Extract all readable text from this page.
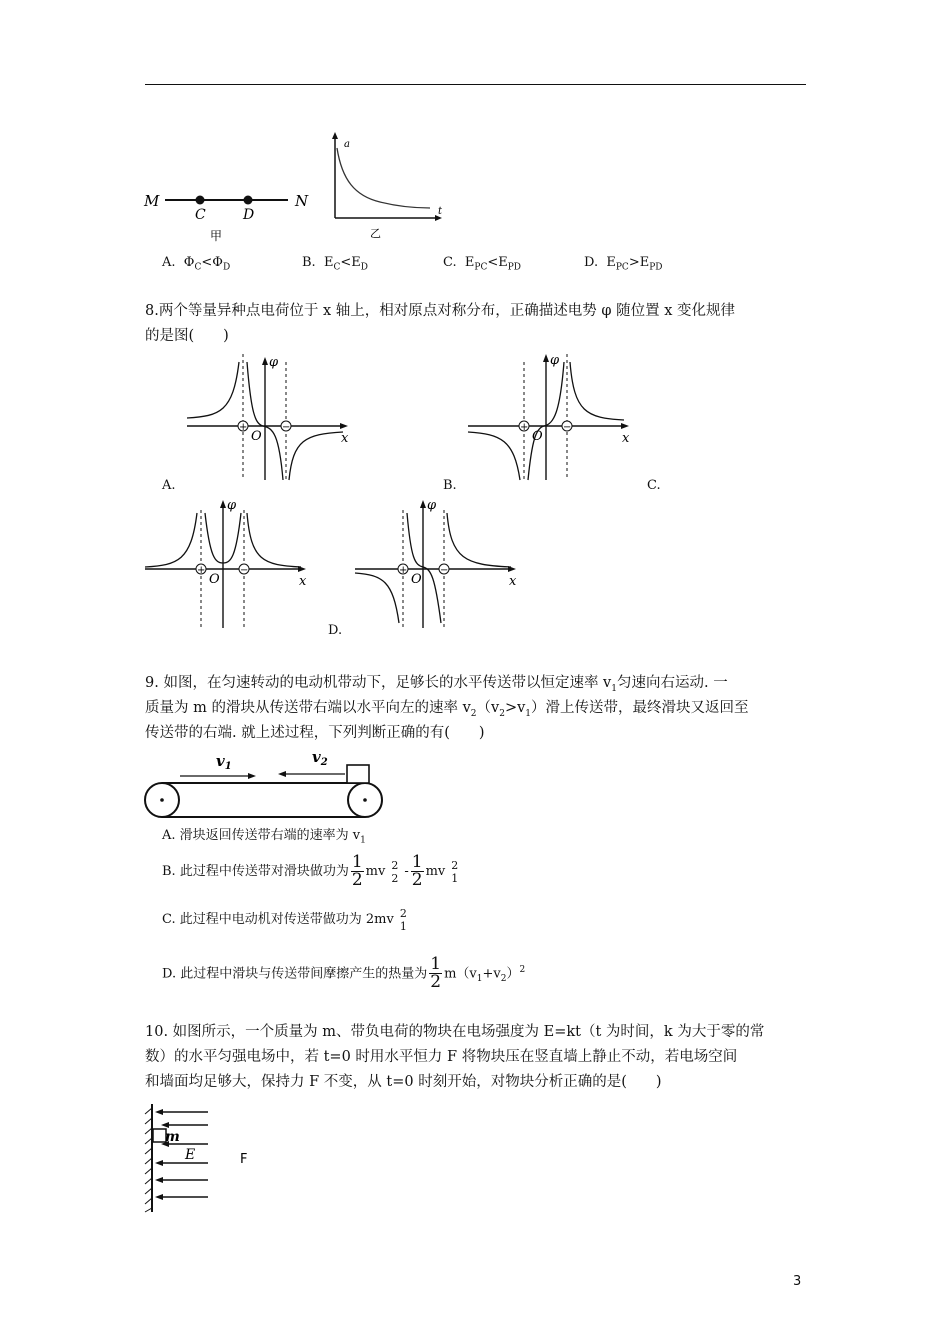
M	N
C	D
甲
a
t
乙
A. $\Phi_C<\Phi_D$	B. $E_C<E_D$	C. $E_{PC}<E_{PD}$	D. $E_{PC}>E_{PD}$
8.两个等量异种点电荷位于 x 轴上，相对原点对称分布，正确描述电势 φ 随位置 x 变化规律
的是图(　　)
+	−
O
φ
x
+	−
O
φ
x
A.	B.	C.
+	−
O
φ
x
+	−
O
φ
x
D.
9. 如图，在匀速转动的电动机带动下，足够长的水平传送带以恒定速率 $v_1$匀速向右运动. 一
质量为 m 的滑块从传送带右端以水平向左的速率 $v_2(v_2>v_1)$滑上传送带，最终滑块又返回至
传送带的右端. 就上述过程，下列判断正确的有(　　)
$v_1$
$v_2$
A. 滑块返回传送带右端的速率为 $v_1$
B. 此过程中传送带对滑块做功为 $\frac{1}{2}$ mv 2
$2 - \frac{1}{2}$ mv 2
1
C. 此过程中电动机对传送带做功为 2mv 2
1
D. 此过程中滑块与传送带间摩擦产生的热量为 $\frac{1}{2} m(v_1+v_2)^2$
10. 如图所示，一个质量为 m、带负电荷的物块在电场强度为 E=kt（t 为时间，k 为大于零的常
数）的水平匀强电场中，若 t=0 时用水平恒力 F 将物块压在竖直墙上静止不动，若电场空间
和墙面均足够大，保持力 F 不变，从 t=0 时刻开始，对物块分析正确的是(　　)
m
E	F
3
